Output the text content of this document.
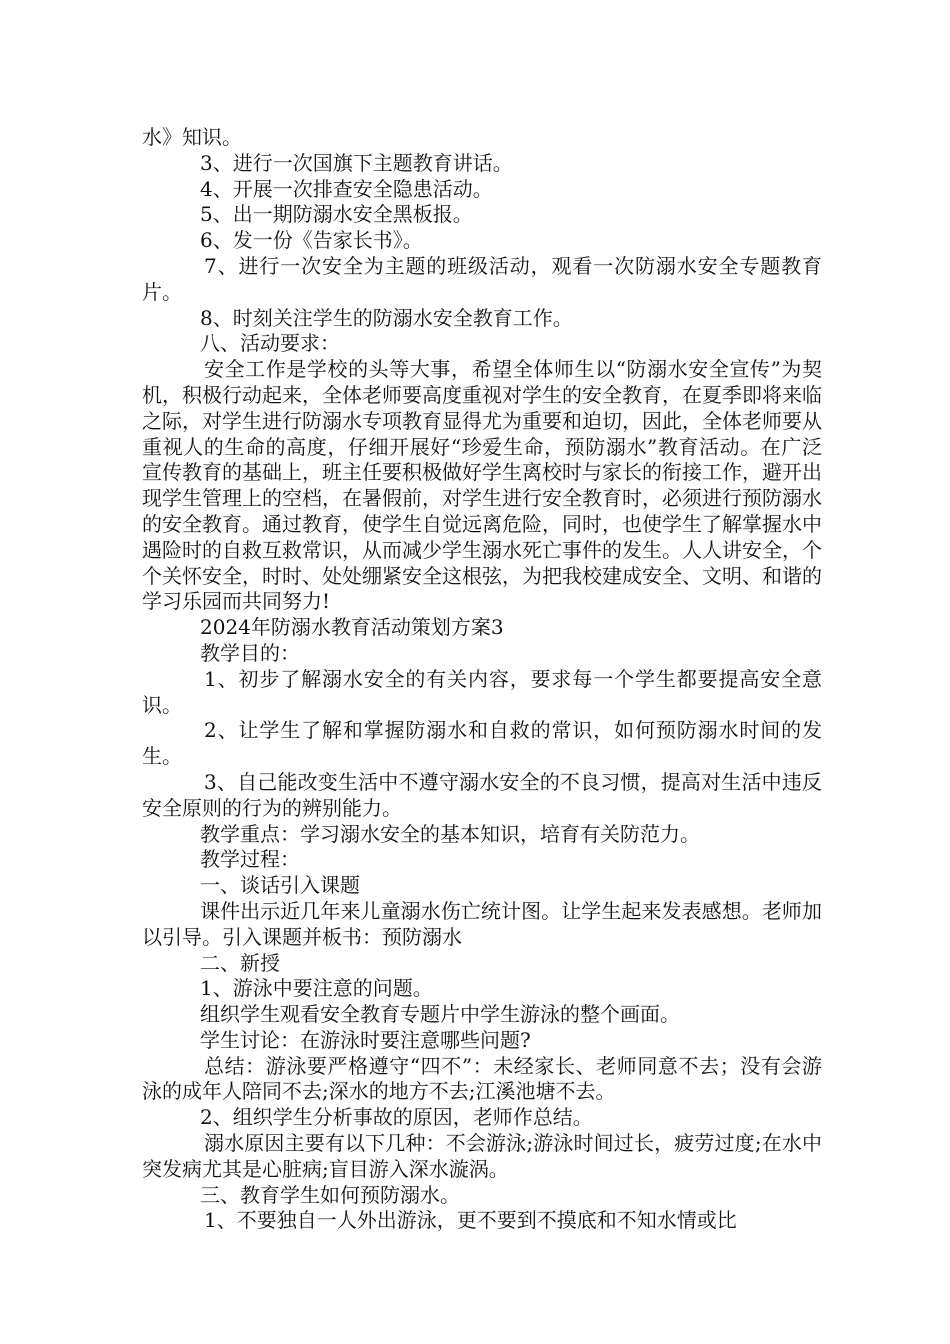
水》知识。

3、进行一次国旗下主题教育讲话。

4、开展一次排查安全隐患活动。

5、出一期防溺水安全黑板报。

6、发一份《告家长书》。

7、进行一次安全为主题的班级活动，观看一次防溺水安全专题教育片。

8、时刻关注学生的防溺水安全教育工作。

八、活动要求：

安全工作是学校的头等大事，希望全体师生以“防溺水安全宣传”为契机，积极行动起来，全体老师要高度重视对学生的安全教育，在夏季即将来临之际，对学生进行防溺水专项教育显得尤为重要和迫切，因此，全体老师要从重视人的生命的高度，仔细开展好“珍爱生命，预防溺水”教育活动。在广泛宣传教育的基础上，班主任要积极做好学生离校时与家长的衔接工作，避开出现学生管理上的空档，在暑假前，对学生进行安全教育时，必须进行预防溺水的安全教育。通过教育，使学生自觉远离危险，同时，也使学生了解掌握水中遇险时的自救互救常识，从而减少学生溺水死亡事件的发生。人人讲安全，个个关怀安全，时时、处处绷紧安全这根弦，为把我校建成安全、文明、和谐的学习乐园而共同努力!

2024年防溺水教育活动策划方案3

教学目的：

1、初步了解溺水安全的有关内容，要求每一个学生都要提高安全意识。

2、让学生了解和掌握防溺水和自救的常识，如何预防溺水时间的发生。

3、自己能改变生活中不遵守溺水安全的不良习惯，提高对生活中违反安全原则的行为的辨别能力。

教学重点：学习溺水安全的基本知识，培育有关防范力。

教学过程：

一、谈话引入课题

课件出示近几年来儿童溺水伤亡统计图。让学生起来发表感想。老师加以引导。引入课题并板书：预防溺水

二、新授

1、游泳中要注意的问题。

组织学生观看安全教育专题片中学生游泳的整个画面。

学生讨论：在游泳时要注意哪些问题?

总结：游泳要严格遵守“四不”：未经家长、老师同意不去；没有会游泳的成年人陪同不去;深水的地方不去;江溪池塘不去。

2、组织学生分析事故的原因，老师作总结。

溺水原因主要有以下几种：不会游泳;游泳时间过长，疲劳过度;在水中突发病尤其是心脏病;盲目游入深水漩涡。

三、教育学生如何预防溺水。

1、不要独自一人外出游泳，更不要到不摸底和不知水情或比
